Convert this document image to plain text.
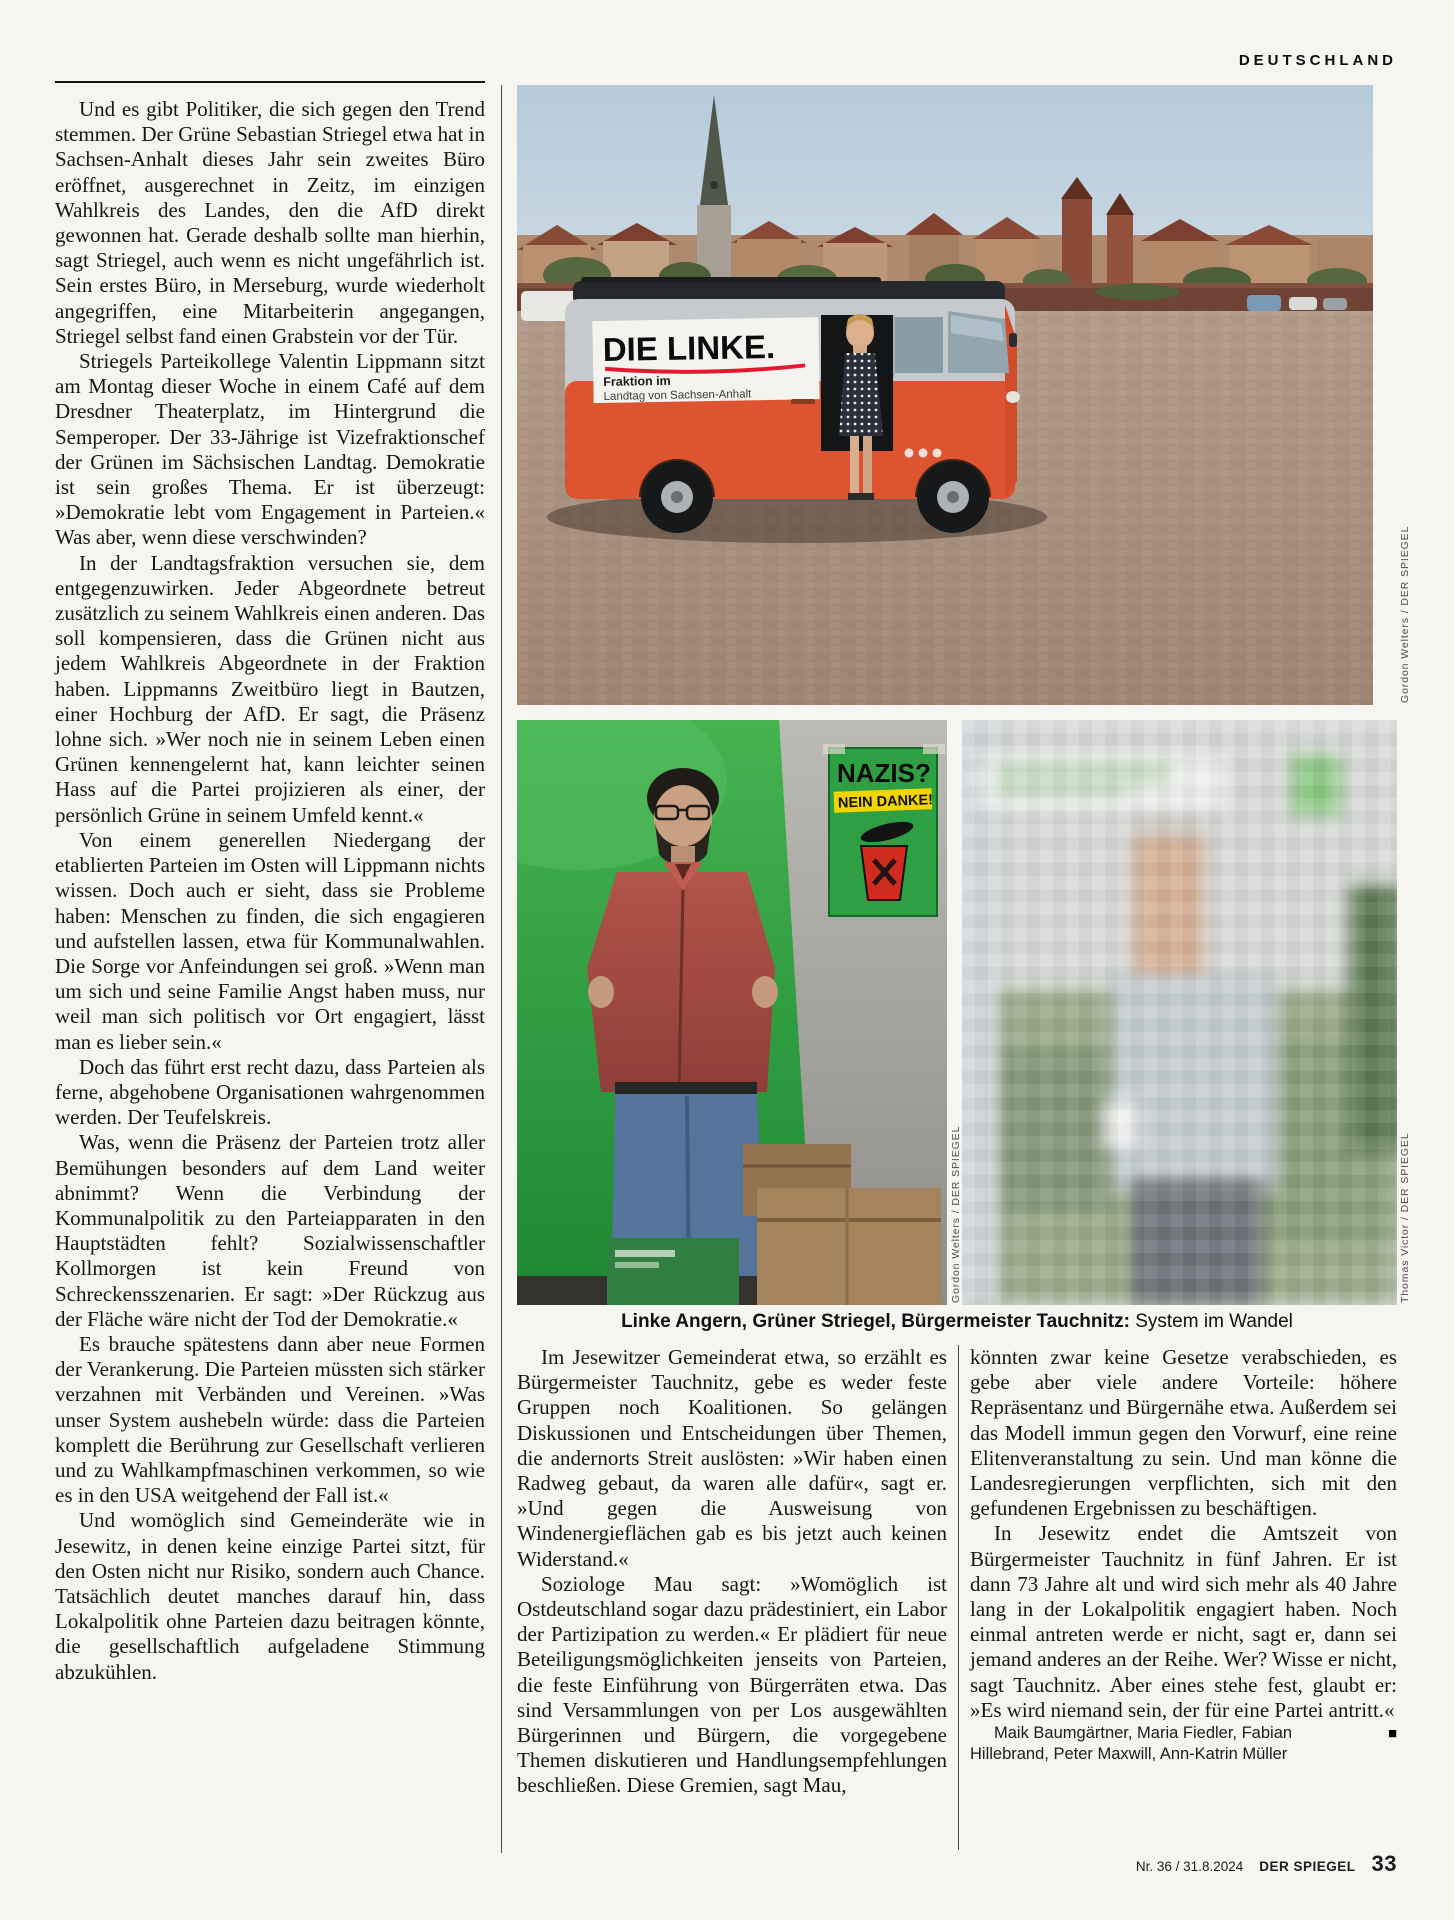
DEUTSCHLAND

Und es gibt Politiker, die sich gegen den Trend stemmen. Der Grüne Sebastian Striegel etwa hat in Sachsen-Anhalt dieses Jahr sein zweites Büro eröffnet, ausgerechnet in Zeitz, im einzigen Wahlkreis des Landes, den die AfD direkt gewonnen hat. Gerade deshalb sollte man hierhin, sagt Striegel, auch wenn es nicht ungefährlich ist. Sein erstes Büro, in Merseburg, wurde wiederholt angegriffen, eine Mitarbeiterin angegangen, Striegel selbst fand einen Grabstein vor der Tür.

Striegels Parteikollege Valentin Lippmann sitzt am Montag dieser Woche in einem Café auf dem Dresdner Theaterplatz, im Hintergrund die Semperoper. Der 33-Jährige ist Vizefraktionschef der Grünen im Sächsischen Landtag. Demokratie ist sein großes Thema. Er ist überzeugt: »Demokratie lebt vom Engagement in Parteien.« Was aber, wenn diese verschwinden?

In der Landtagsfraktion versuchen sie, dem entgegenzuwirken. Jeder Abgeordnete betreut zusätzlich zu seinem Wahlkreis einen anderen. Das soll kompensieren, dass die Grünen nicht aus jedem Wahlkreis Abgeordnete in der Fraktion haben. Lippmanns Zweitbüro liegt in Bautzen, einer Hochburg der AfD. Er sagt, die Präsenz lohne sich. »Wer noch nie in seinem Leben einen Grünen kennengelernt hat, kann leichter seinen Hass auf die Partei projizieren als einer, der persönlich Grüne in seinem Umfeld kennt.«

Von einem generellen Niedergang der etablierten Parteien im Osten will Lippmann nichts wissen. Doch auch er sieht, dass sie Probleme haben: Menschen zu finden, die sich engagieren und aufstellen lassen, etwa für Kommunalwahlen. Die Sorge vor Anfeindungen sei groß. »Wenn man um sich und seine Familie Angst haben muss, nur weil man sich politisch vor Ort engagiert, lässt man es lieber sein.«

Doch das führt erst recht dazu, dass Parteien als ferne, abgehobene Organisationen wahrgenommen werden. Der Teufelskreis.

Was, wenn die Präsenz der Parteien trotz aller Bemühungen besonders auf dem Land weiter abnimmt? Wenn die Verbindung der Kommunalpolitik zu den Parteiapparaten in den Hauptstädten fehlt? Sozialwissenschaftler Kollmorgen ist kein Freund von Schreckensszenarien. Er sagt: »Der Rückzug aus der Fläche wäre nicht der Tod der Demokratie.«

Es brauche spätestens dann aber neue Formen der Verankerung. Die Parteien müssten sich stärker verzahnen mit Verbänden und Vereinen. »Was unser System aushebeln würde: dass die Parteien komplett die Berührung zur Gesellschaft verlieren und zu Wahlkampfmaschinen verkommen, so wie es in den USA weitgehend der Fall ist.«

Und womöglich sind Gemeinderäte wie in Jesewitz, in denen keine einzige Partei sitzt, für den Osten nicht nur Risiko, sondern auch Chance. Tatsächlich deutet manches darauf hin, dass Lokalpolitik ohne Parteien dazu beitragen könnte, die gesellschaftlich aufgeladene Stimmung abzukühlen.

DIE LINKE.
Fraktion im
Landtag von Sachsen-Anhalt
Gordon Welters / DER SPIEGEL
NAZIS?
NEIN DANKE!
Gordon Welters / DER SPIEGEL	Thomas Victor / DER SPIEGEL
Linke Angern, Grüner Striegel, Bürgermeister Tauchnitz: System im Wandel

Im Jesewitzer Gemeinderat etwa, so erzählt es Bürgermeister Tauchnitz, gebe es weder feste Gruppen noch Koalitionen. So gelängen Diskussionen und Entscheidungen über Themen, die andernorts Streit auslösten: »Wir haben einen Radweg gebaut, da waren alle dafür«, sagt er. »Und gegen die Ausweisung von Windenergieflächen gab es bis jetzt auch keinen Widerstand.«

Soziologe Mau sagt: »Womöglich ist Ostdeutschland sogar dazu prädestiniert, ein Labor der Partizipation zu werden.« Er plädiert für neue Beteiligungsmöglichkeiten jenseits von Parteien, die feste Einführung von Bürgerräten etwa. Das sind Versammlungen von per Los ausgewählten Bürgerinnen und Bürgern, die vorgegebene Themen diskutieren und Handlungsempfehlungen beschließen. Diese Gremien, sagt Mau,

könnten zwar keine Gesetze verabschieden, es gebe aber viele andere Vorteile: höhere Repräsentanz und Bürgernähe etwa. Außerdem sei das Modell immun gegen den Vorwurf, eine reine Elitenveranstaltung zu sein. Und man könne die Landesregierungen verpflichten, sich mit den gefundenen Ergebnissen zu beschäftigen.

In Jesewitz endet die Amtszeit von Bürgermeister Tauchnitz in fünf Jahren. Er ist dann 73 Jahre alt und wird sich mehr als 40 Jahre lang in der Lokalpolitik engagiert haben. Noch einmal antreten werde er nicht, sagt er, dann sei jemand anderes an der Reihe. Wer? Wisse er nicht, sagt Tauchnitz. Aber eines stehe fest, glaubt er: »Es wird niemand sein, der für eine Partei antritt.«

■
Maik Baumgärtner, Maria Fiedler, Fabian Hillebrand, Peter Maxwill, Ann-Katrin Müller

Nr. 36 / 31.8.2024 DER SPIEGEL 33
